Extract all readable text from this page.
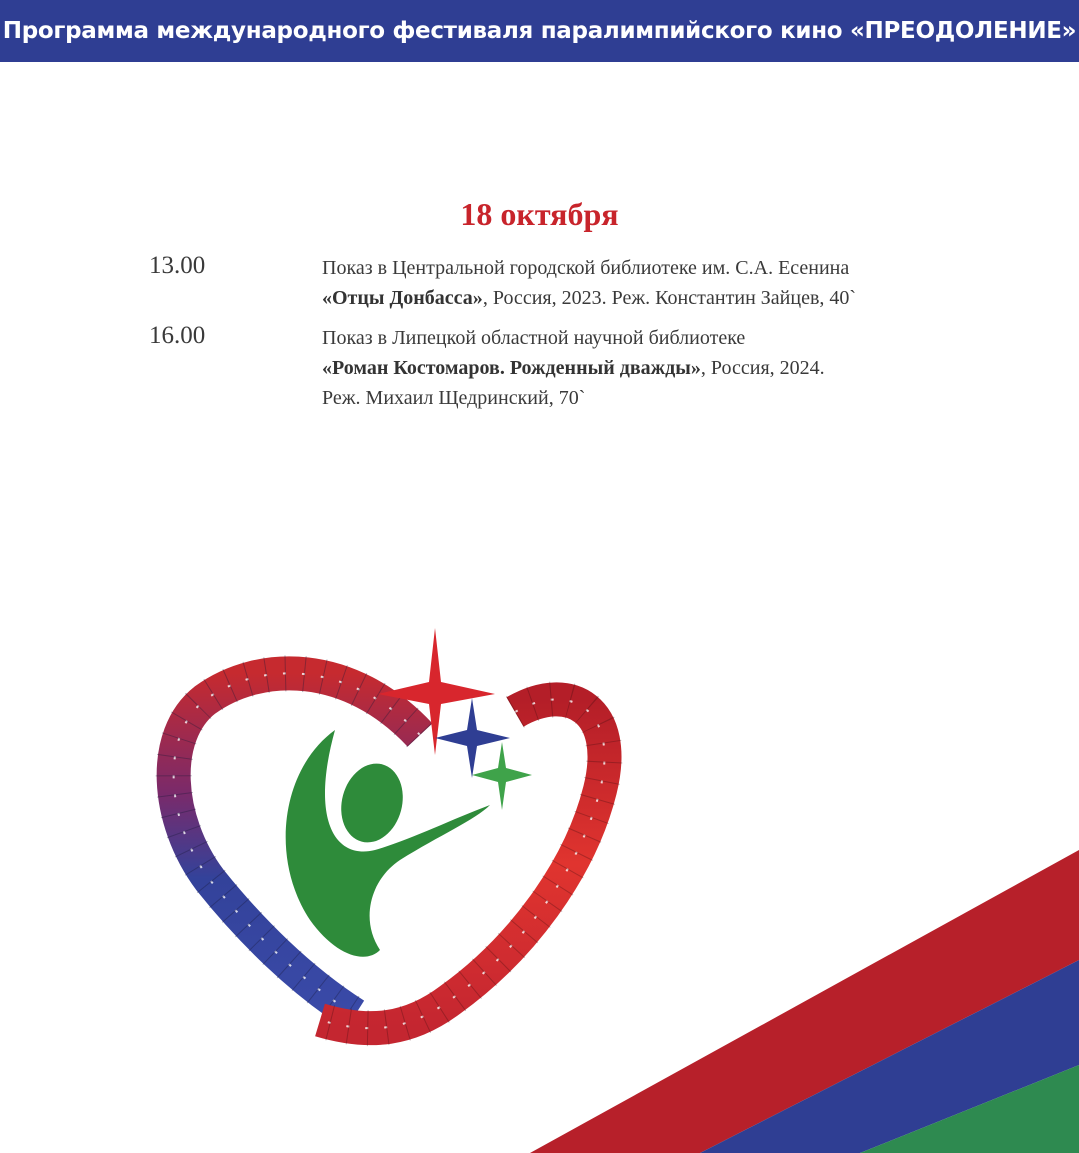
Программа международного фестиваля паралимпийского кино «ПРЕОДОЛЕНИЕ»
18 октября
13.00	Показ в Центральной городской библиотеке им. С.А. Есенина
«Отцы Донбасса», Россия, 2023. Реж. Константин Зайцев, 40`
16.00	Показ в Липецкой областной научной библиотеке
«Роман Костомаров. Рожденный дважды», Россия, 2024.
Реж. Михаил Щедринский, 70`
